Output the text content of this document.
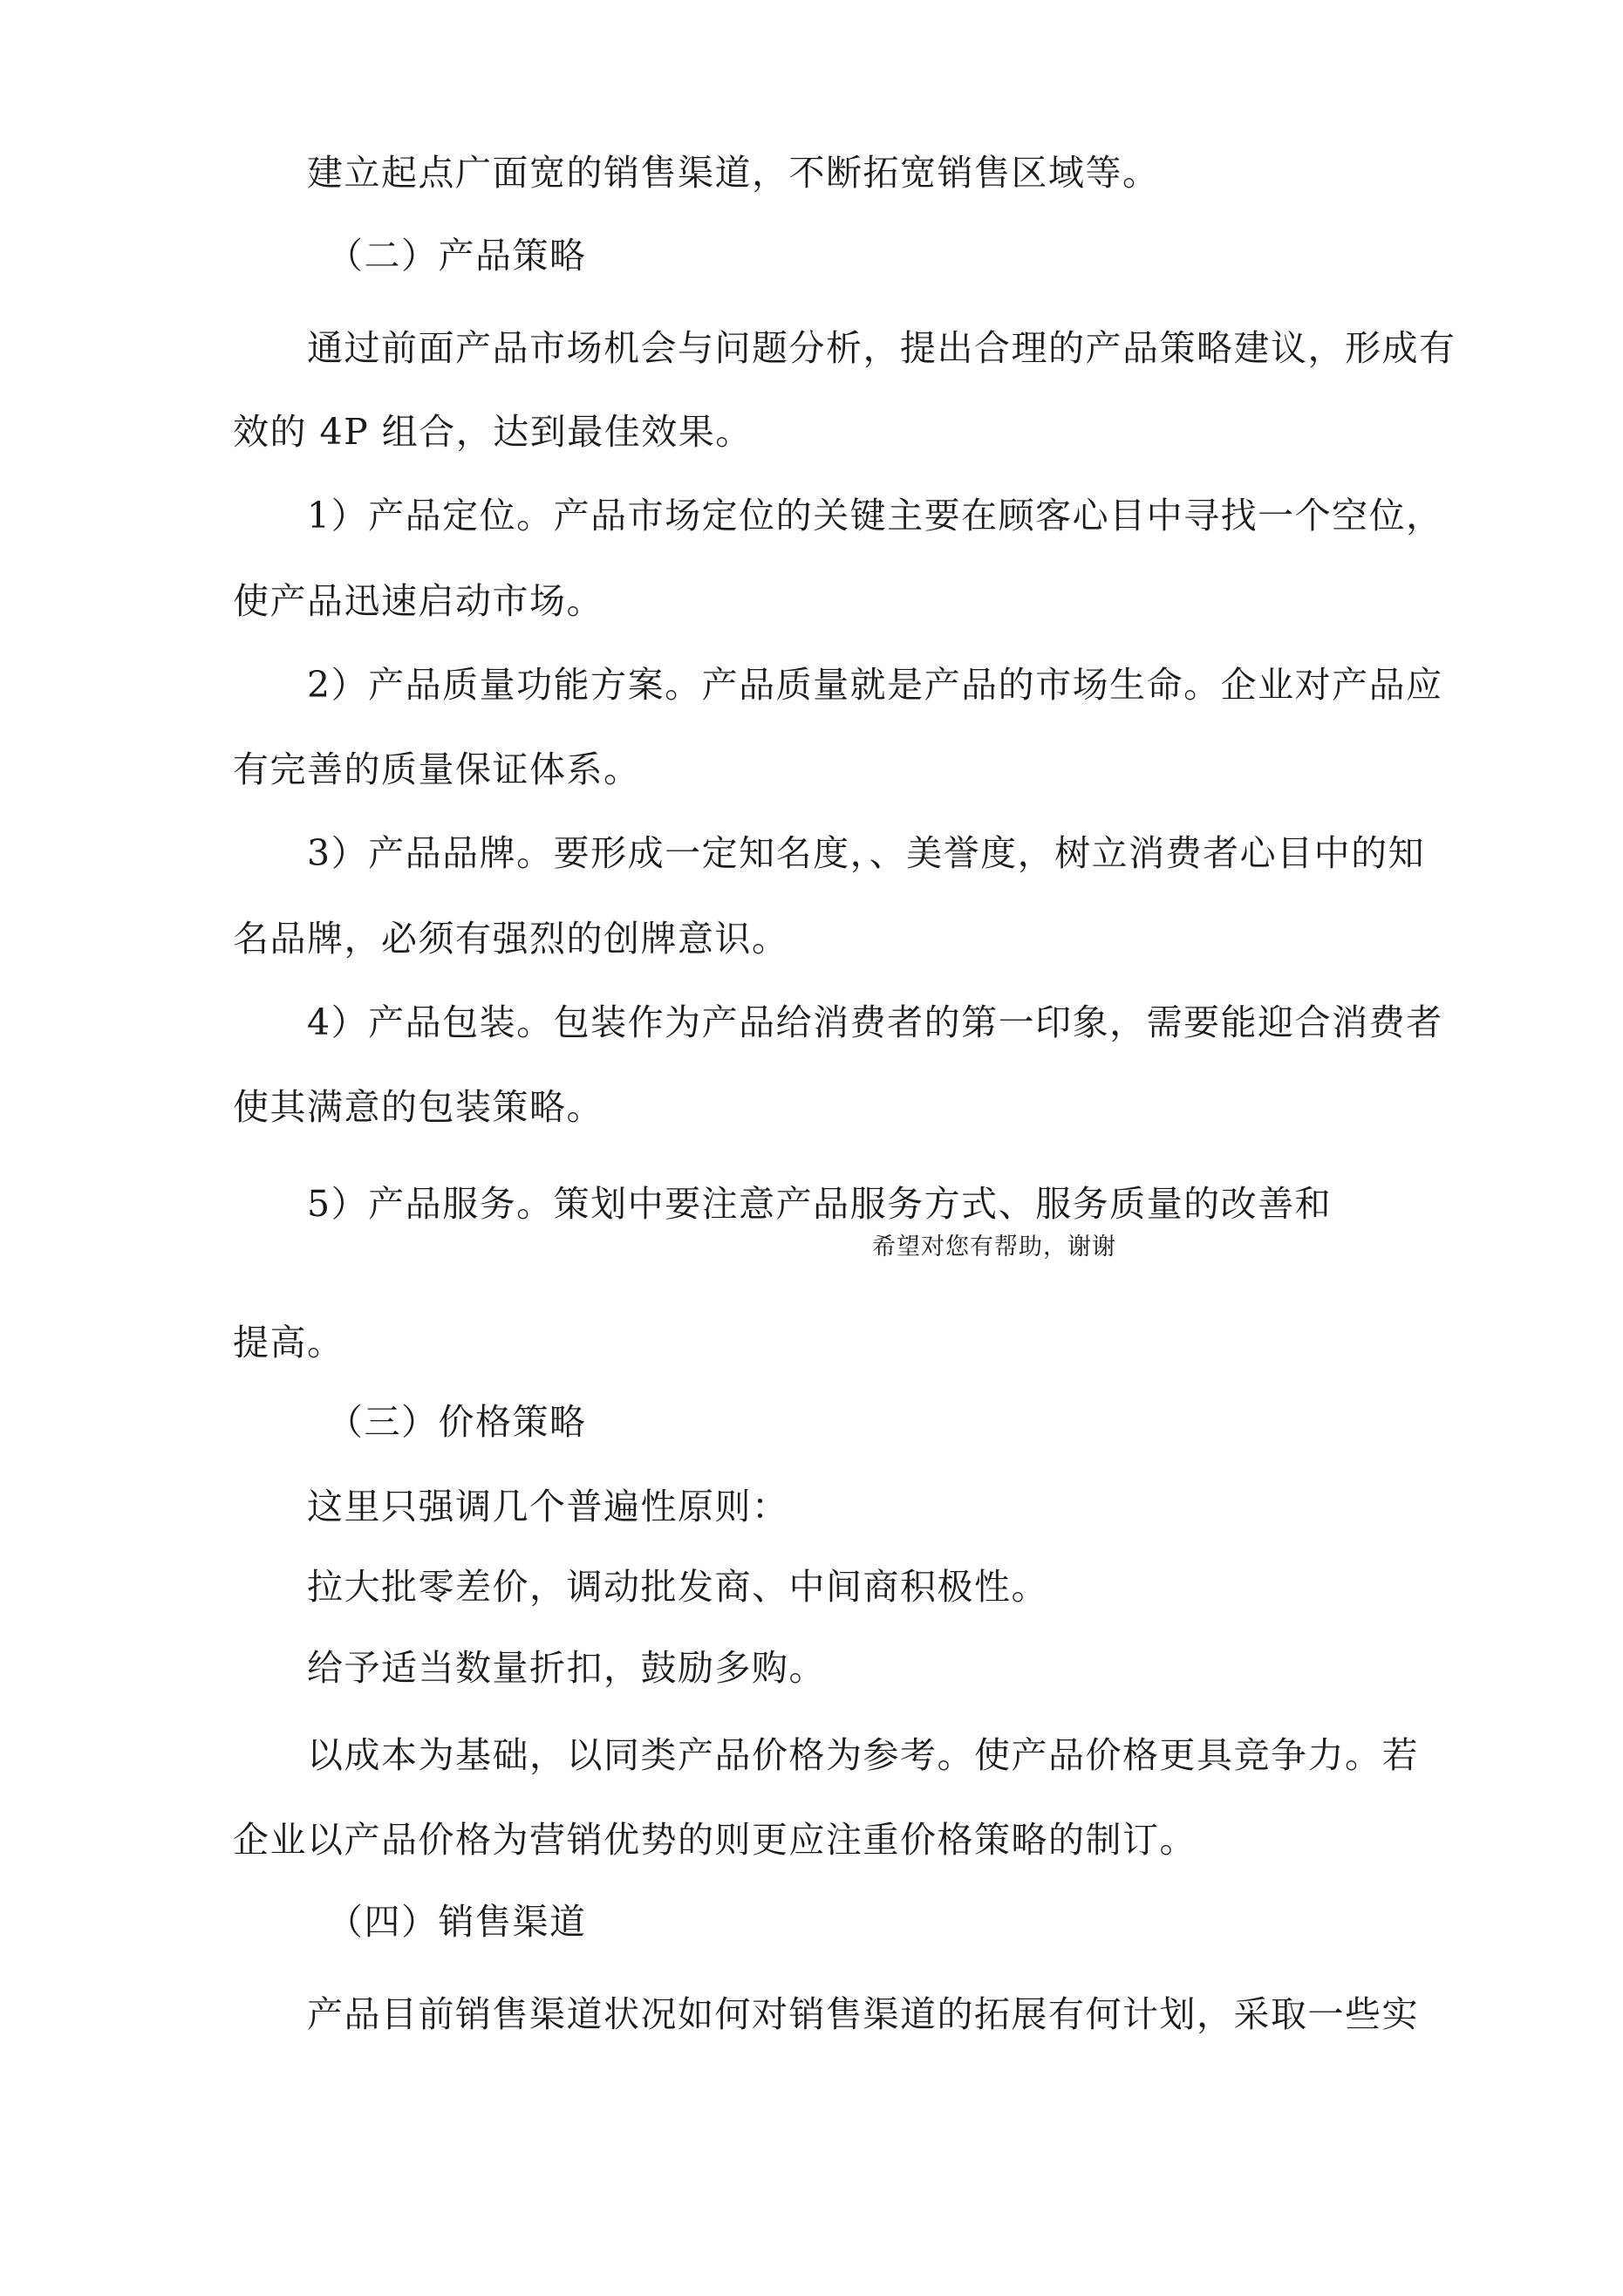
建立起点广面宽的销售渠道，不断拓宽销售区域等。
（二）产品策略
通过前面产品市场机会与问题分析，提出合理的产品策略建议，形成有
效的 4P 组合，达到最佳效果。
1）产品定位。产品市场定位的关键主要在顾客心目中寻找一个空位，
使产品迅速启动市场。
2）产品质量功能方案。产品质量就是产品的市场生命。企业对产品应
有完善的质量保证体系。
3）产品品牌。要形成一定知名度，、美誉度，树立消费者心目中的知
名品牌，必须有强烈的创牌意识。
4）产品包装。包装作为产品给消费者的第一印象，需要能迎合消费者
使其满意的包装策略。
5）产品服务。策划中要注意产品服务方式、服务质量的改善和
希望对您有帮助，谢谢
提高。
（三）价格策略
这里只强调几个普遍性原则：
拉大批零差价，调动批发商、中间商积极性。
给予适当数量折扣，鼓励多购。
以成本为基础，以同类产品价格为参考。使产品价格更具竞争力。若
企业以产品价格为营销优势的则更应注重价格策略的制订。
（四）销售渠道
产品目前销售渠道状况如何对销售渠道的拓展有何计划，采取一些实
